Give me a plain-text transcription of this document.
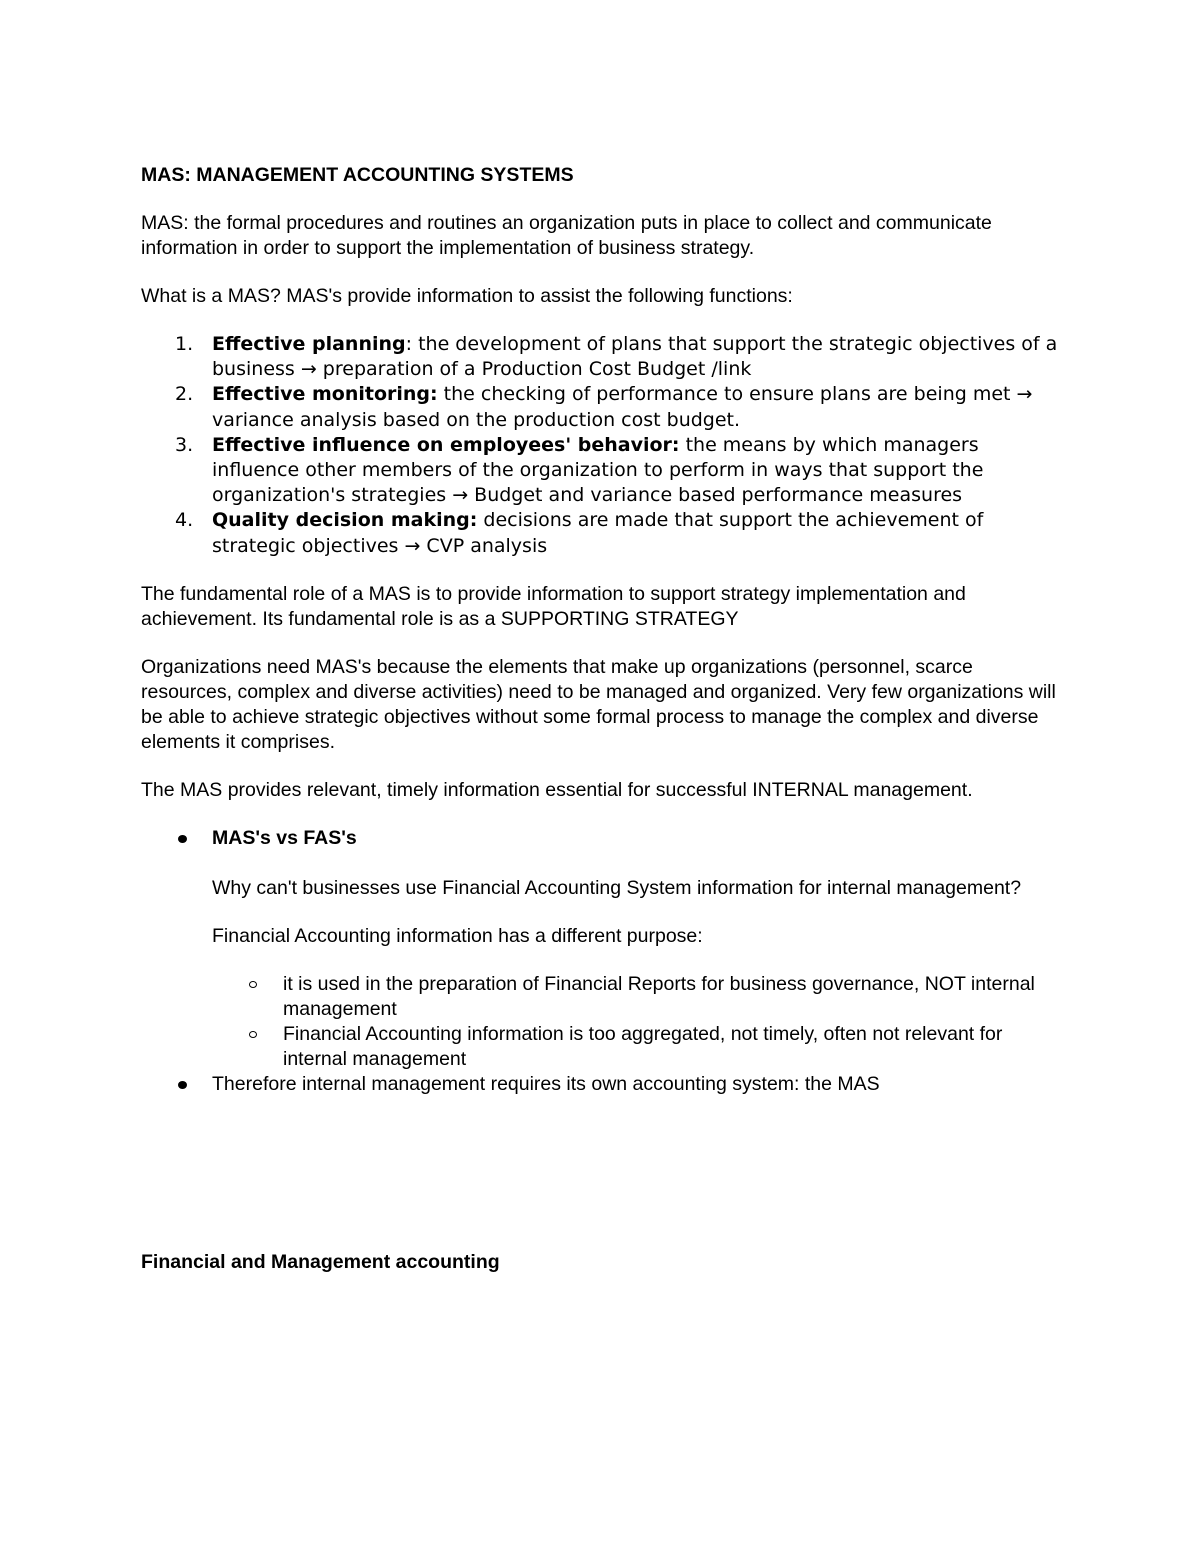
MAS: MANAGEMENT ACCOUNTING SYSTEMS

MAS: the formal procedures and routines an organization puts in place to collect and communicate information in order to support the implementation of business strategy.

What is a MAS? MAS's provide information to assist the following functions:

1. Effective planning: the development of plans that support the strategic objectives of a business → preparation of a Production Cost Budget /link
2. Effective monitoring: the checking of performance to ensure plans are being met → variance analysis based on the production cost budget.
3. Effective influence on employees' behavior: the means by which managers influence other members of the organization to perform in ways that support the organization's strategies → Budget and variance based performance measures
4. Quality decision making: decisions are made that support the achievement of strategic objectives → CVP analysis

The fundamental role of a MAS is to provide information to support strategy implementation and achievement. Its fundamental role is as a SUPPORTING STRATEGY

Organizations need MAS's because the elements that make up organizations (personnel, scarce resources, complex and diverse activities) need to be managed and organized. Very few organizations will be able to achieve strategic objectives without some formal process to manage the complex and diverse elements it comprises.

The MAS provides relevant, timely information essential for successful INTERNAL management.

MAS's vs FAS's

Why can't businesses use Financial Accounting System information for internal management?

Financial Accounting information has a different purpose:

it is used in the preparation of Financial Reports for business governance, NOT internal management
Financial Accounting information is too aggregated, not timely, often not relevant for internal management
Therefore internal management requires its own accounting system: the MAS
Financial and Management accounting
